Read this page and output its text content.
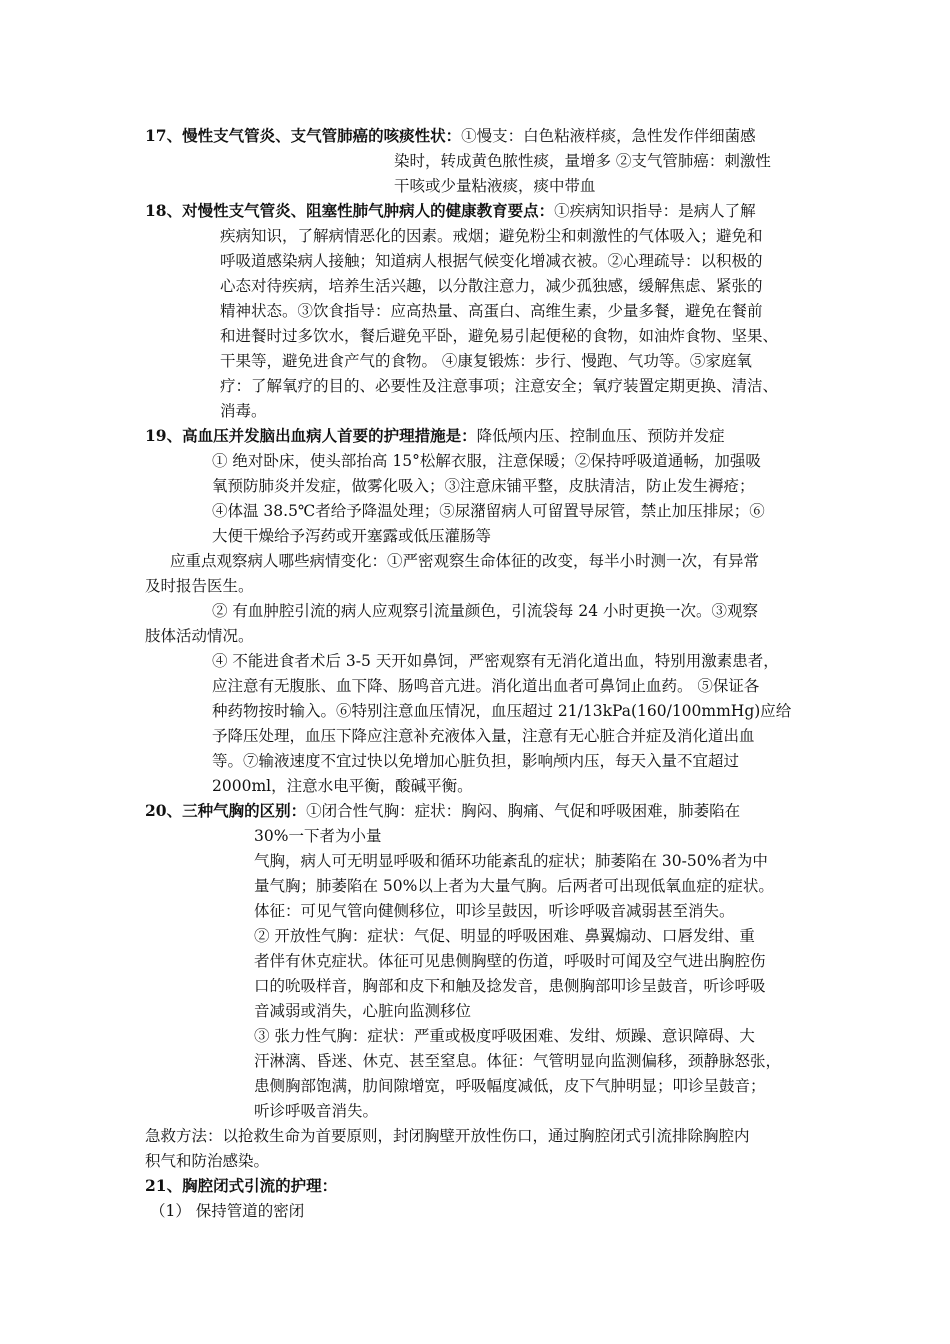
17、慢性支气管炎、支气管肺癌的咳痰性状：①慢支：白色粘液样痰，急性发作伴细菌感
染时，转成黄色脓性痰，量增多 ②支气管肺癌：刺激性
干咳或少量粘液痰，痰中带血
18、对慢性支气管炎、阻塞性肺气肿病人的健康教育要点：①疾病知识指导：是病人了解
疾病知识，了解病情恶化的因素。戒烟；避免粉尘和刺激性的气体吸入；避免和
呼吸道感染病人接触；知道病人根据气候变化增减衣被。②心理疏导：以积极的
心态对待疾病，培养生活兴趣，以分散注意力，减少孤独感，缓解焦虑、紧张的
精神状态。③饮食指导：应高热量、高蛋白、高维生素，少量多餐，避免在餐前
和进餐时过多饮水，餐后避免平卧，避免易引起便秘的食物，如油炸食物、坚果、
干果等，避免进食产气的食物。 ④康复锻炼：步行、慢跑、气功等。⑤家庭氧
疗：了解氧疗的目的、必要性及注意事项；注意安全；氧疗装置定期更换、清洁、
消毒。
19、高血压并发脑出血病人首要的护理措施是：降低颅内压、控制血压、预防并发症
① 绝对卧床，使头部抬高 15°松解衣服，注意保暖；②保持呼吸道通畅，加强吸
氧预防肺炎并发症，做雾化吸入；③注意床铺平整，皮肤清洁，防止发生褥疮；
④体温 38.5℃者给予降温处理；⑤尿潴留病人可留置导尿管，禁止加压排尿；⑥
大便干燥给予泻药或开塞露或低压灌肠等
应重点观察病人哪些病情变化：①严密观察生命体征的改变，每半小时测一次，有异常
及时报告医生。
② 有血肿腔引流的病人应观察引流量颜色，引流袋每 24 小时更换一次。③观察
肢体活动情况。
④ 不能进食者术后 3-5 天开如鼻饲，严密观察有无消化道出血，特别用激素患者，
应注意有无腹胀、血下降、肠鸣音亢进。消化道出血者可鼻饲止血药。 ⑤保证各
种药物按时输入。⑥特别注意血压情况，血压超过 21/13kPa(160/100mmHg)应给
予降压处理，血压下降应注意补充液体入量，注意有无心脏合并症及消化道出血
等。⑦输液速度不宜过快以免增加心脏负担，影响颅内压，每天入量不宜超过
2000ml，注意水电平衡，酸碱平衡。
20、三种气胸的区别：①闭合性气胸：症状：胸闷、胸痛、气促和呼吸困难，肺萎陷在
30%一下者为小量
气胸，病人可无明显呼吸和循环功能紊乱的症状；肺萎陷在 30-50%者为中
量气胸；肺萎陷在 50%以上者为大量气胸。后两者可出现低氧血症的症状。
体征：可见气管向健侧移位，叩诊呈鼓因，听诊呼吸音减弱甚至消失。
② 开放性气胸：症状：气促、明显的呼吸困难、鼻翼煽动、口唇发绀、重
者伴有休克症状。体征可见患侧胸壁的伤道，呼吸时可闻及空气进出胸腔伤
口的吮吸样音，胸部和皮下和触及捻发音，患侧胸部叩诊呈鼓音，听诊呼吸
音减弱或消失，心脏向监测移位
③ 张力性气胸：症状：严重或极度呼吸困难、发绀、烦躁、意识障碍、大
汗淋漓、昏迷、休克、甚至窒息。体征：气管明显向监测偏移，颈静脉怒张，
患侧胸部饱满，肋间隙增宽，呼吸幅度减低，皮下气肿明显；叩诊呈鼓音；
听诊呼吸音消失。
急救方法：以抢救生命为首要原则，封闭胸壁开放性伤口，通过胸腔闭式引流排除胸腔内
积气和防治感染。
21、胸腔闭式引流的护理：
（1） 保持管道的密闭
